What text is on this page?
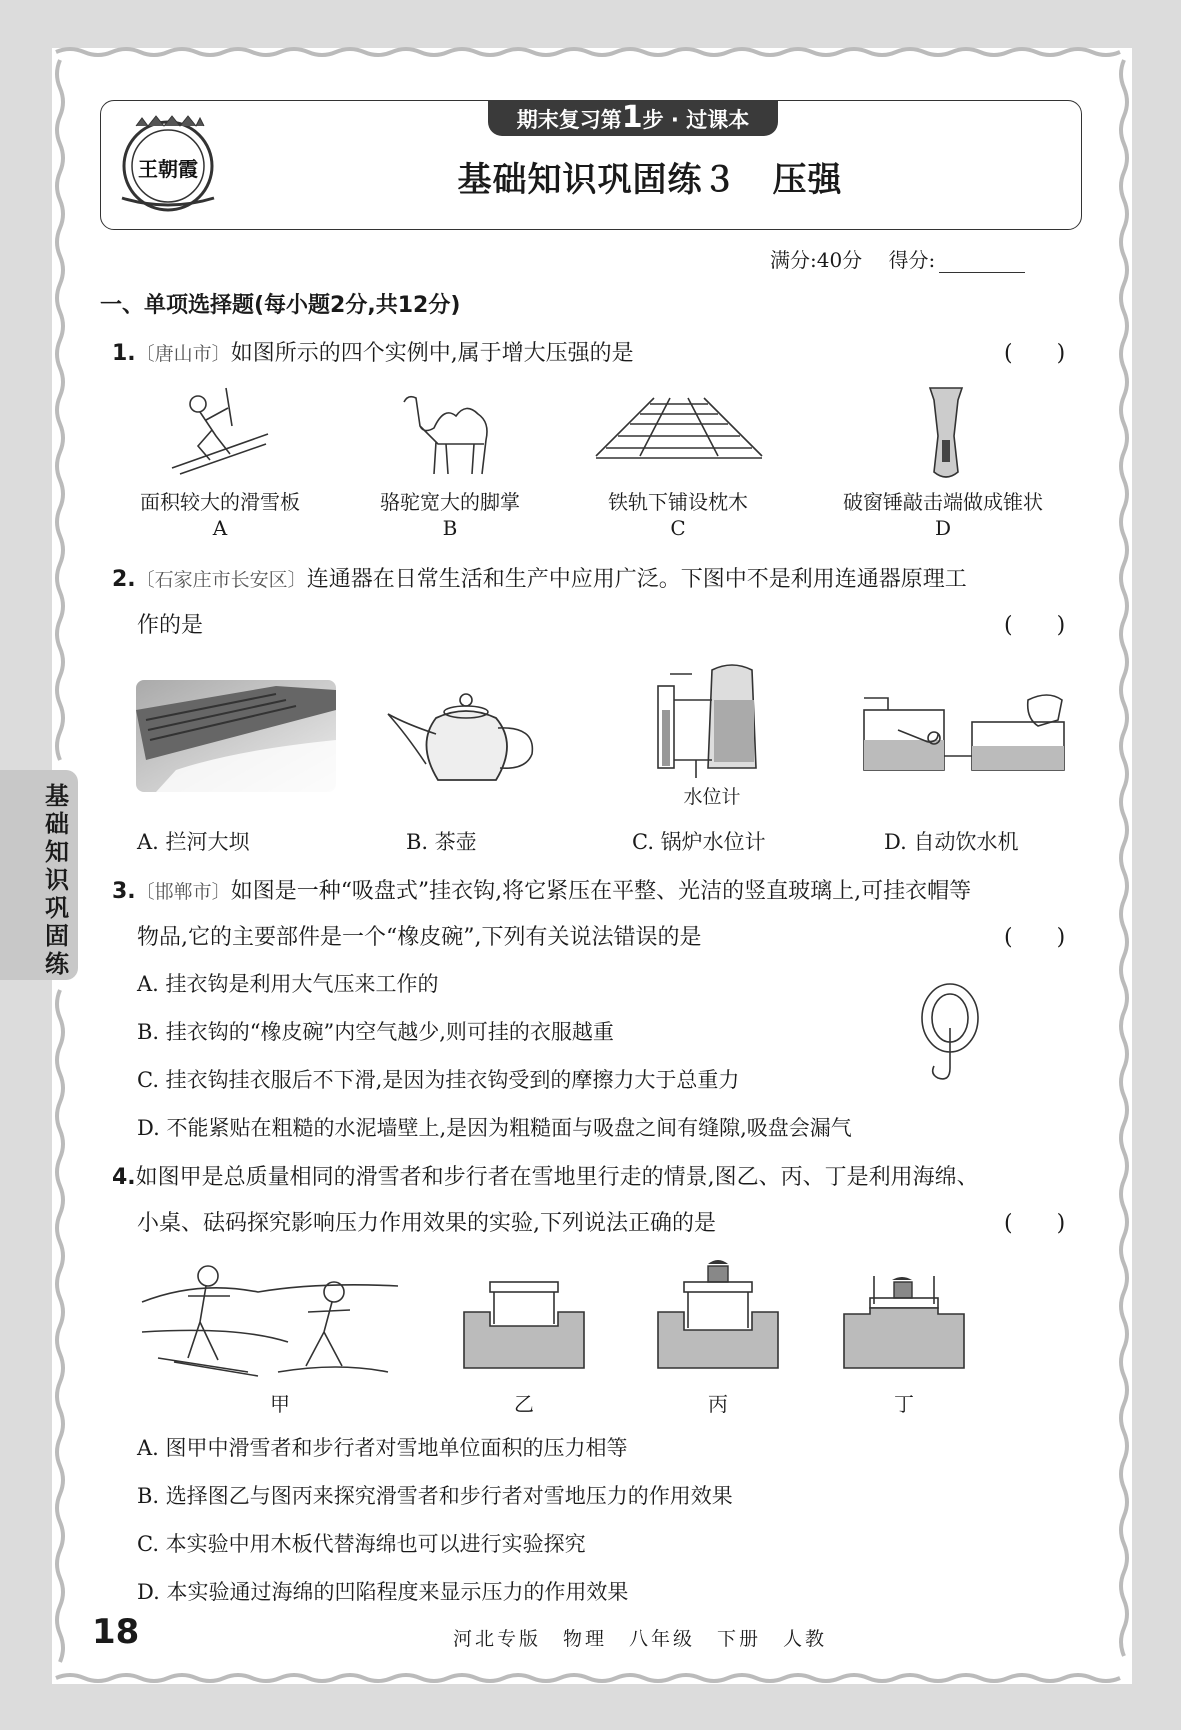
王朝霞
期末复习第1步 · 过课本
基础知识巩固练３　压强
满分:40分　 得分:
一、单项选择题(每小题2分,共12分)
1.〔唐山市〕如图所示的四个实例中,属于增大压强的是	(　　)
面积较大的滑雪板	骆驼宽大的脚掌	铁轨下铺设枕木	破窗锤敲击端做成锥状
A	B	C	D
2.〔石家庄市长安区〕连通器在日常生活和生产中应用广泛。下图中不是利用连通器原理工
作的是	(　　)
水位计
A. 拦河大坝	B. 茶壶	C. 锅炉水位计	D. 自动饮水机
3.〔邯郸市〕如图是一种“吸盘式”挂衣钩,将它紧压在平整、光洁的竖直玻璃上,可挂衣帽等
物品,它的主要部件是一个“橡皮碗”,下列有关说法错误的是	(　　)
A. 挂衣钩是利用大气压来工作的
B. 挂衣钩的“橡皮碗”内空气越少,则可挂的衣服越重
C. 挂衣钩挂衣服后不下滑,是因为挂衣钩受到的摩擦力大于总重力
D. 不能紧贴在粗糙的水泥墙壁上,是因为粗糙面与吸盘之间有缝隙,吸盘会漏气
4.如图甲是总质量相同的滑雪者和步行者在雪地里行走的情景,图乙、丙、丁是利用海绵、
小桌、砝码探究影响压力作用效果的实验,下列说法正确的是	(　　)
甲	乙	丙	丁
A. 图甲中滑雪者和步行者对雪地单位面积的压力相等
B. 选择图乙与图丙来探究滑雪者和步行者对雪地压力的作用效果
C. 本实验中用木板代替海绵也可以进行实验探究
D. 本实验通过海绵的凹陷程度来显示压力的作用效果
基础知识巩固练
18	河北专版　物理　八年级　下册　人教
